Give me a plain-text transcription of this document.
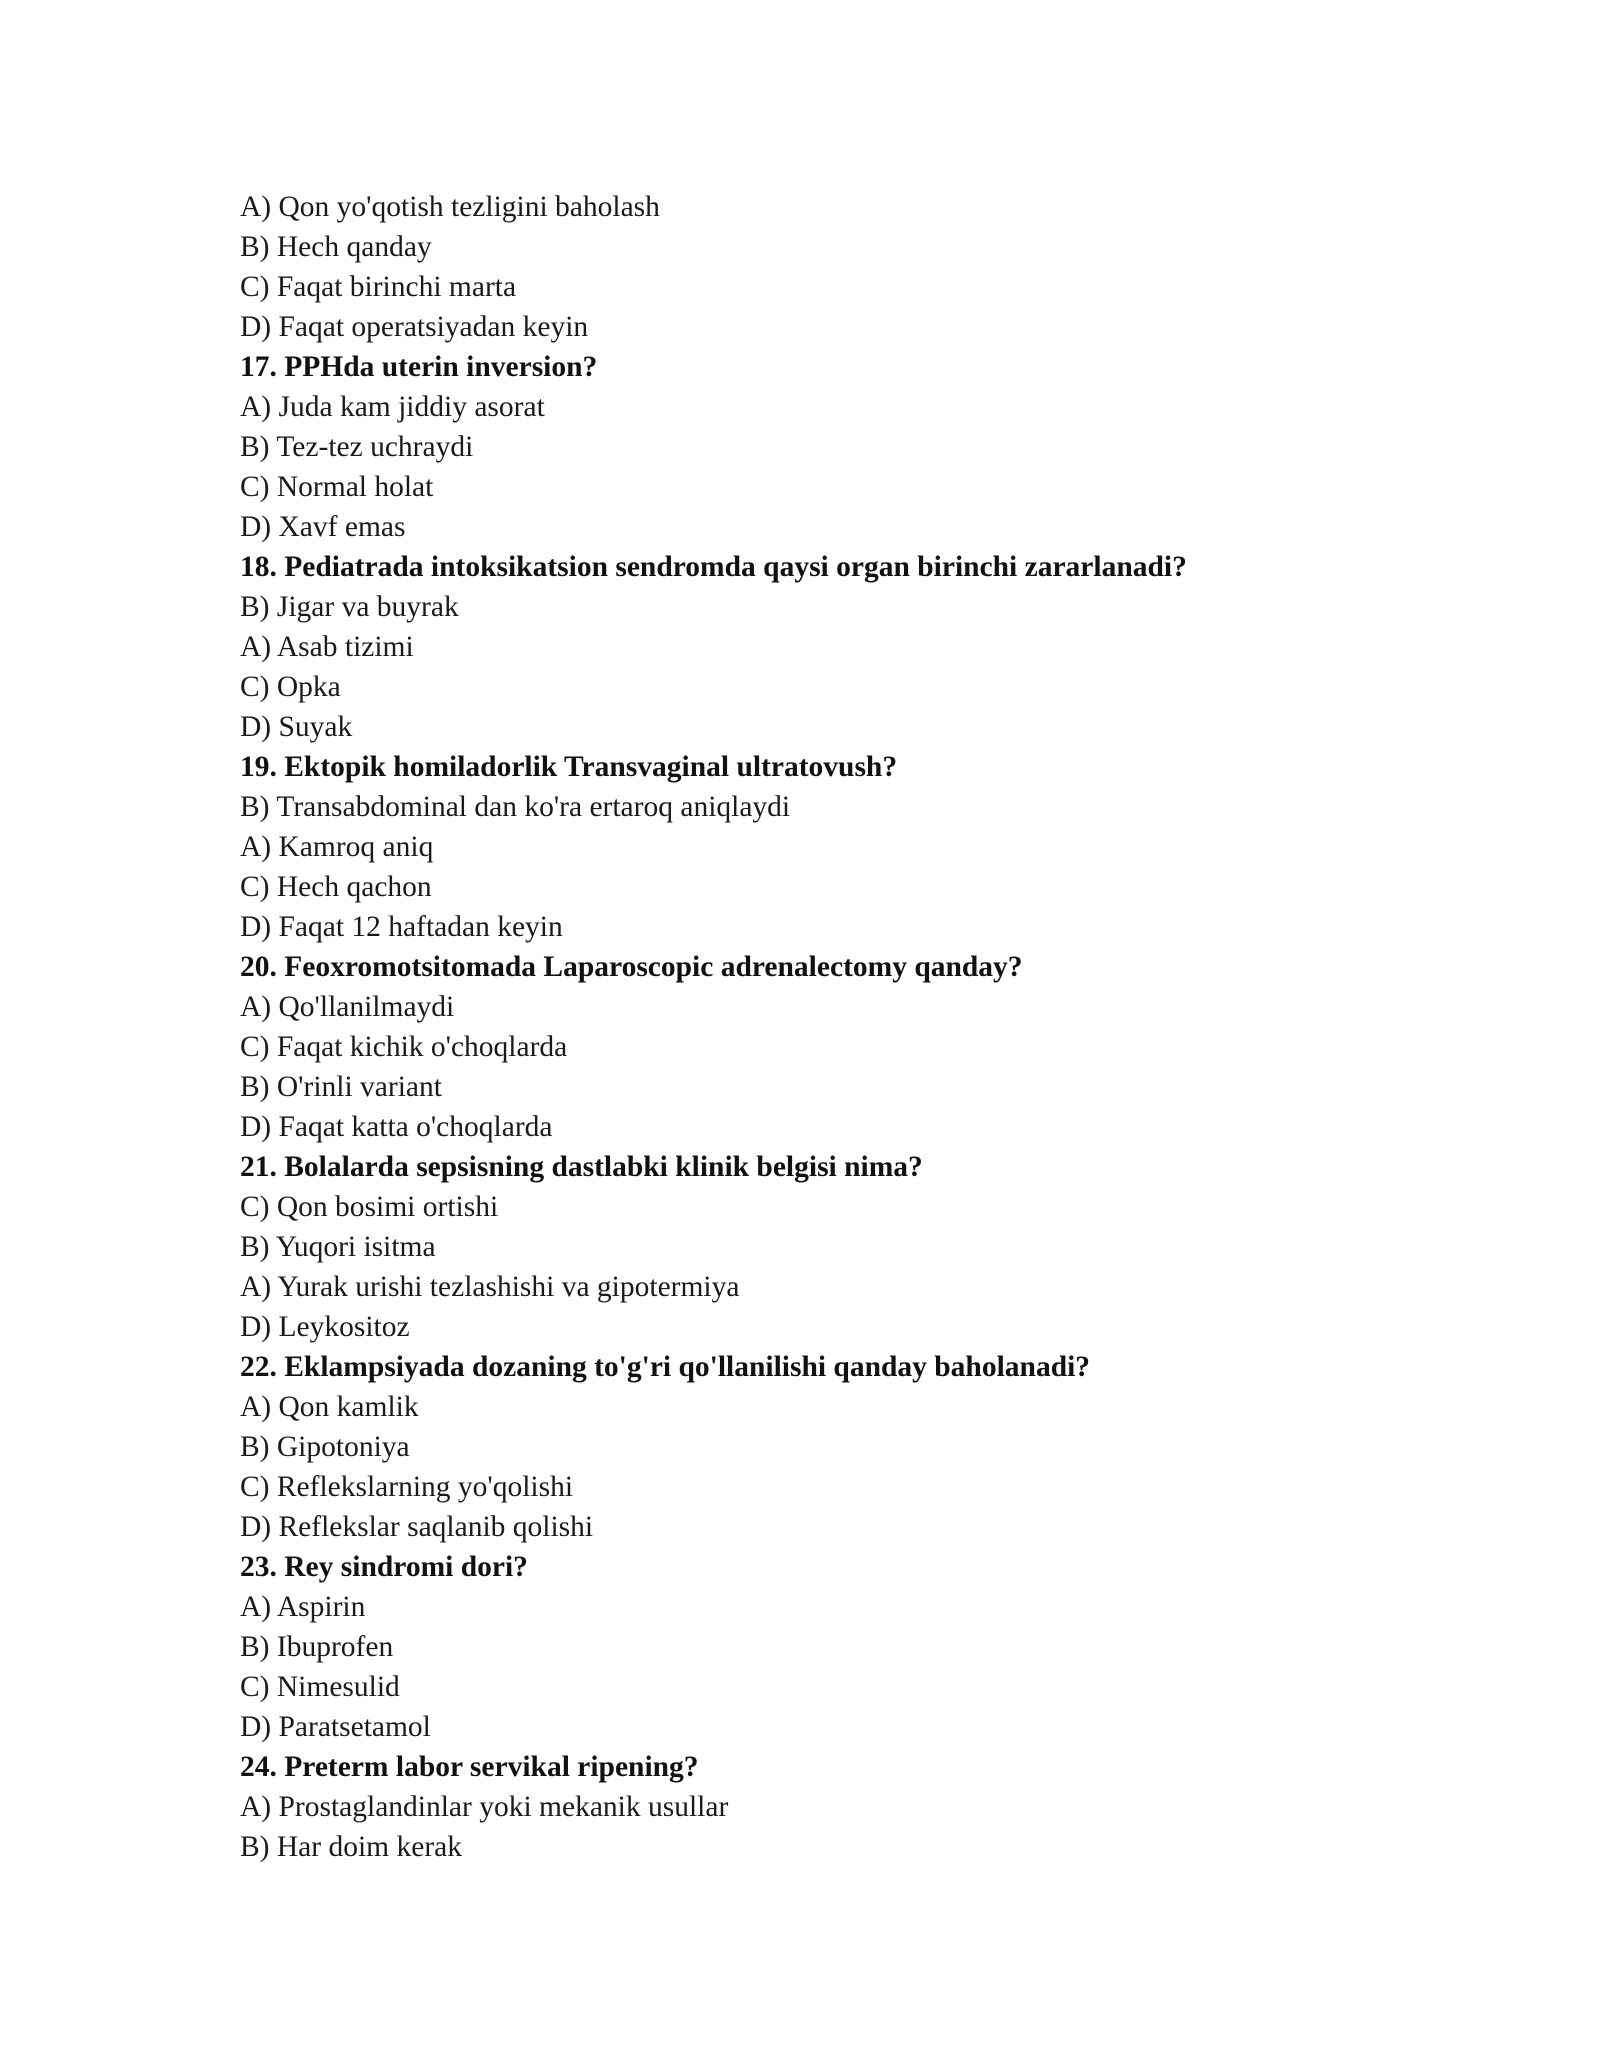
A) Qon yo'qotish tezligini baholash
B) Hech qanday
C) Faqat birinchi marta
D) Faqat operatsiyadan keyin
17. PPHda uterin inversion?
A) Juda kam jiddiy asorat
B) Tez-tez uchraydi
C) Normal holat
D) Xavf emas
18. Pediatrada intoksikatsion sendromda qaysi organ birinchi zararlanadi?
B) Jigar va buyrak
A) Asab tizimi
C) Opka
D) Suyak
19. Ektopik homiladorlik Transvaginal ultratovush?
B) Transabdominal dan ko'ra ertaroq aniqlaydi
A) Kamroq aniq
C) Hech qachon
D) Faqat 12 haftadan keyin
20. Feoxromotsitomada Laparoscopic adrenalectomy qanday?
A) Qo'llanilmaydi
C) Faqat kichik o'choqlarda
B) O'rinli variant
D) Faqat katta o'choqlarda
21. Bolalarda sepsisning dastlabki klinik belgisi nima?
C) Qon bosimi ortishi
B) Yuqori isitma
A) Yurak urishi tezlashishi va gipotermiya
D) Leykositoz
22. Eklampsiyada dozaning to'g'ri qo'llanilishi qanday baholanadi?
A) Qon kamlik
B) Gipotoniya
C) Reflekslarning yo'qolishi
D) Reflekslar saqlanib qolishi
23. Rey sindromi dori?
A) Aspirin
B) Ibuprofen
C) Nimesulid
D) Paratsetamol
24. Preterm labor servikal ripening?
A) Prostaglandinlar yoki mekanik usullar
B) Har doim kerak
